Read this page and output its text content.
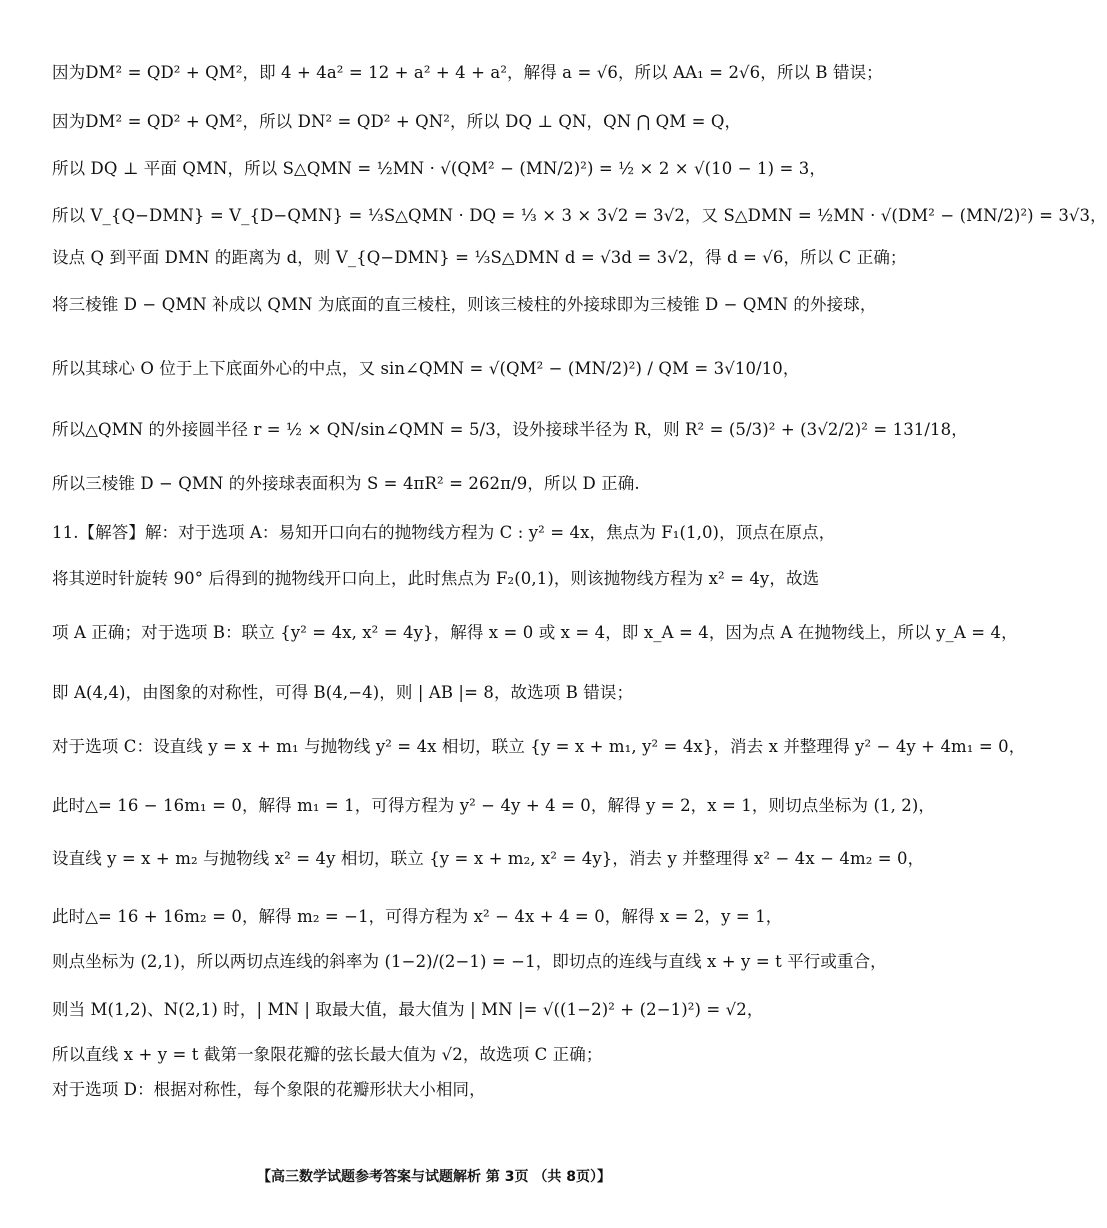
因为DM² = QD² + QM²，即 4 + 4a² = 12 + a² + 4 + a²，解得 a = √6，所以 AA₁ = 2√6，所以 B 错误；
因为DM² = QD² + QM²，所以 DN² = QD² + QN²，所以 DQ ⊥ QN，QN ⋂ QM = Q，
所以 DQ ⊥ 平面 QMN，所以 S△QMN = ½MN · √(QM² − (MN/2)²) = ½ × 2 × √(10 − 1) = 3，
所以 V_{Q−DMN} = V_{D−QMN} = ⅓S△QMN · DQ = ⅓ × 3 × 3√2 = 3√2，又 S△DMN = ½MN · √(DM² − (MN/2)²) = 3√3，
设点 Q 到平面 DMN 的距离为 d，则 V_{Q−DMN} = ⅓S△DMN d = √3d = 3√2，得 d = √6，所以 C 正确；
将三棱锥 D − QMN 补成以 QMN 为底面的直三棱柱，则该三棱柱的外接球即为三棱锥 D − QMN 的外接球，
所以其球心 O 位于上下底面外心的中点，又 sin∠QMN = √(QM² − (MN/2)²) / QM = 3√10/10，
所以△QMN 的外接圆半径 r = ½ × QN/sin∠QMN = 5/3，设外接球半径为 R，则 R² = (5/3)² + (3√2/2)² = 131/18，
所以三棱锥 D − QMN 的外接球表面积为 S = 4πR² = 262π/9，所以 D 正确.
11.【解答】解：对于选项 A：易知开口向右的抛物线方程为 C : y² = 4x，焦点为 F₁(1,0)，顶点在原点，
将其逆时针旋转 90° 后得到的抛物线开口向上，此时焦点为 F₂(0,1)，则该抛物线方程为 x² = 4y，故选
项 A 正确；对于选项 B：联立 {y² = 4x, x² = 4y}，解得 x = 0 或 x = 4，即 x_A = 4，因为点 A 在抛物线上，所以 y_A = 4，
即 A(4,4)，由图象的对称性，可得 B(4,−4)，则 | AB |= 8，故选项 B 错误；
对于选项 C：设直线 y = x + m₁ 与抛物线 y² = 4x 相切，联立 {y = x + m₁, y² = 4x}，消去 x 并整理得 y² − 4y + 4m₁ = 0，
此时△= 16 − 16m₁ = 0，解得 m₁ = 1，可得方程为 y² − 4y + 4 = 0，解得 y = 2，x = 1，则切点坐标为 (1, 2)，
设直线 y = x + m₂ 与抛物线 x² = 4y 相切，联立 {y = x + m₂, x² = 4y}，消去 y 并整理得 x² − 4x − 4m₂ = 0，
此时△= 16 + 16m₂ = 0，解得 m₂ = −1，可得方程为 x² − 4x + 4 = 0，解得 x = 2，y = 1，
则点坐标为 (2,1)，所以两切点连线的斜率为 (1−2)/(2−1) = −1，即切点的连线与直线 x + y = t 平行或重合，
则当 M(1,2)、N(2,1) 时，| MN | 取最大值，最大值为 | MN |= √((1−2)² + (2−1)²) = √2，
所以直线 x + y = t 截第一象限花瓣的弦长最大值为 √2，故选项 C 正确；
对于选项 D：根据对称性，每个象限的花瓣形状大小相同，
【高三数学试题参考答案与试题解析 第 3页 （共 8页）】
